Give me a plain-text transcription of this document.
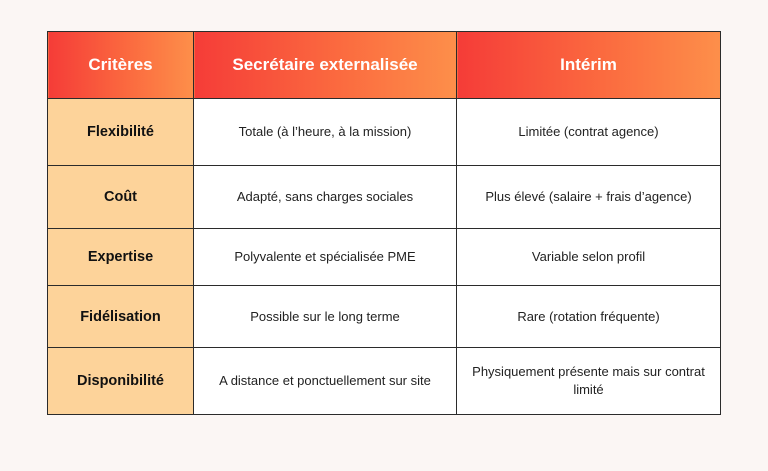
Critères	Secrétaire externalisée	Intérim
Flexibilité	Totale (à l’heure, à la mission)	Limitée (contrat agence)
Coût	Adapté, sans charges sociales	Plus élevé (salaire + frais d’agence)
Expertise	Polyvalente et spécialisée PME	Variable selon profil
Fidélisation	Possible sur le long terme	Rare (rotation fréquente)
Disponibilité	A distance et ponctuellement sur site	Physiquement présente mais sur contrat limité
